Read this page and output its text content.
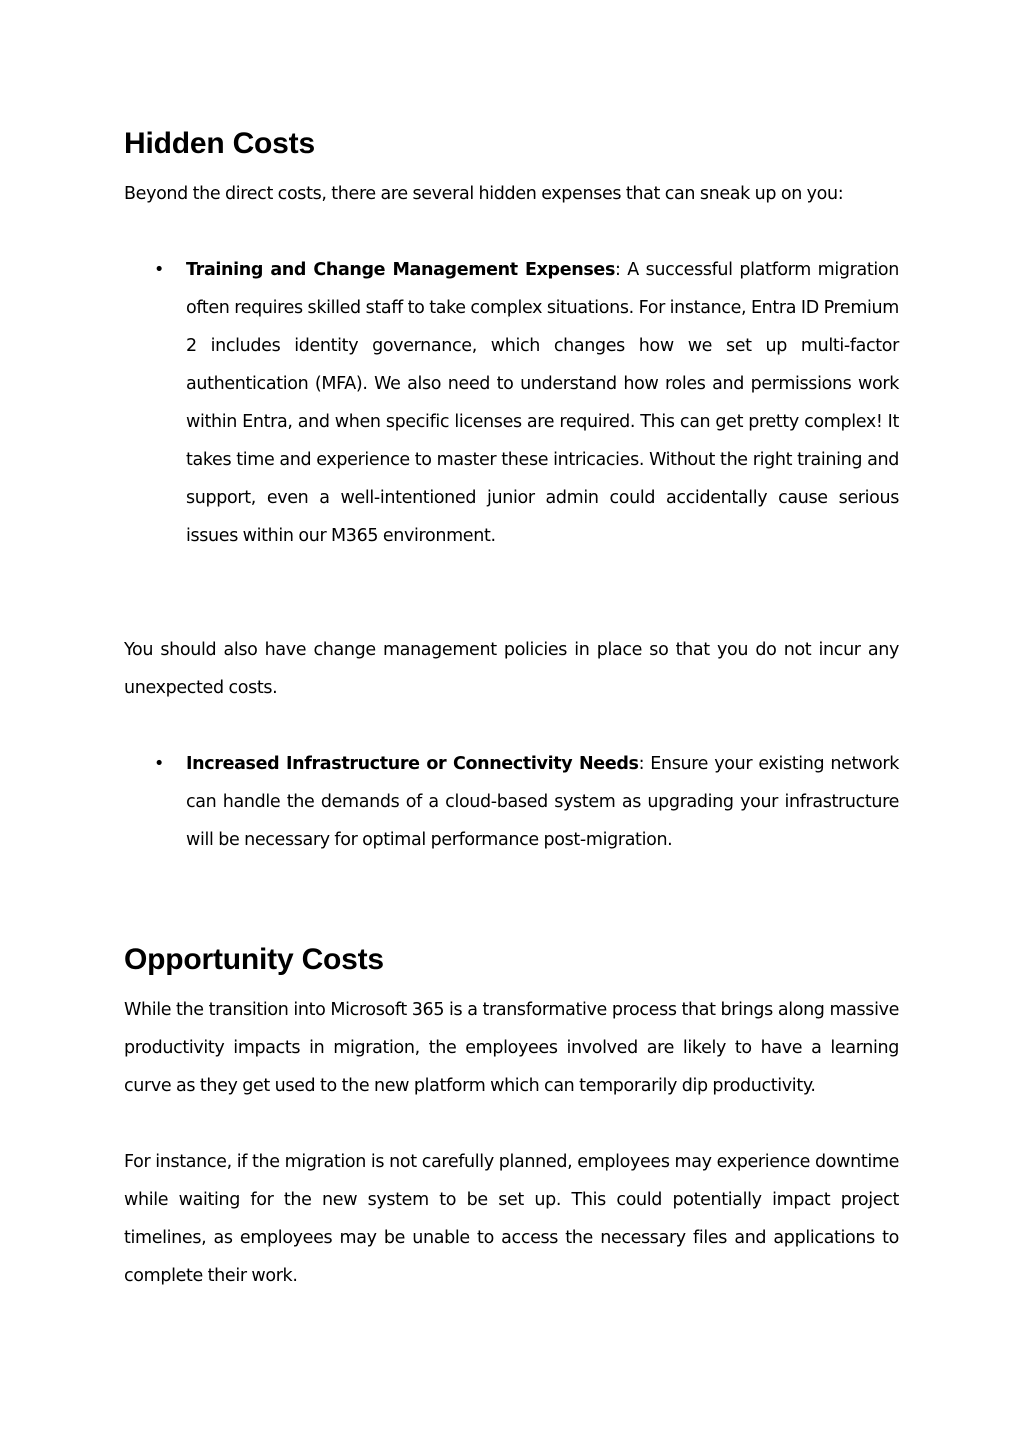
Hidden Costs

Beyond the direct costs, there are several hidden expenses that can sneak up on you:

• Training and Change Management Expenses: A successful platform migration often requires skilled staff to take complex situations. For instance, Entra ID Premium 2 includes identity governance, which changes how we set up multi-factor authentication (MFA). We also need to understand how roles and permissions work within Entra, and when specific licenses are required. This can get pretty complex! It takes time and experience to master these intricacies. Without the right training and support, even a well-intentioned junior admin could accidentally cause serious issues within our M365 environment.

You should also have change management policies in place so that you do not incur any unexpected costs.

• Increased Infrastructure or Connectivity Needs: Ensure your existing network can handle the demands of a cloud-based system as upgrading your infrastructure will be necessary for optimal performance post-migration.

Opportunity Costs

While the transition into Microsoft 365 is a transformative process that brings along massive productivity impacts in migration, the employees involved are likely to have a learning curve as they get used to the new platform which can temporarily dip productivity.

For instance, if the migration is not carefully planned, employees may experience downtime while waiting for the new system to be set up. This could potentially impact project timelines, as employees may be unable to access the necessary files and applications to complete their work.
